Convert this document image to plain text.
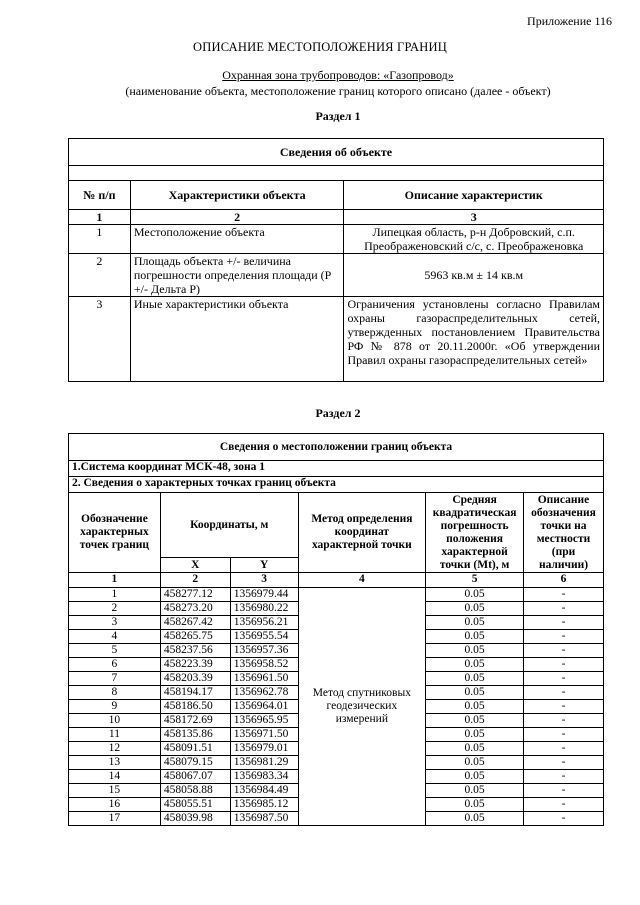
Приложение 116
ОПИСАНИЕ МЕСТОПОЛОЖЕНИЯ ГРАНИЦ
Охранная зона трубопроводов: «Газопровод»
(наименование объекта, местоположение границ которого описано (далее - объект)
Раздел 1
Сведения об объекте		

№ п/п	Характеристики объекта	Описание характеристик
1	2	3
1	Местоположение объекта	Липецкая область, р-н Добровский, с.п. Преображеновский с/с, с. Преображеновка
2	Площадь объекта +/- величина погрешности определения площади (Р +/- Дельта Р)	5963 кв.м ± 14 кв.м
3	Иные характеристики объекта	Ограничения установлены согласно Правилам охраны газораспределительных сетей, утвержденных постановлением Правительства РФ № 878 от 20.11.2000г. «Об утверждении Правил охраны газораспределительных сетей»
Раздел 2
Сведения о местоположении границ объекта					
1.Система координат МСК-48, зона 1					
2. Сведения о характерных точках границ объекта					
Обозначение характерных точек границ	Координаты, м		Метод определения координат характерной точки	Средняя квадратическая погрешность положения характерной точки (Mt), м	Описание обозначения точки на местности (при наличии)
	X	Y			
1	2	3	4	5	6
1	458277.12	1356979.44	Метод спутниковых геодезических измерений	0.05	-
2	458273.20	1356980.22		0.05	-
3	458267.42	1356956.21		0.05	-
4	458265.75	1356955.54		0.05	-
5	458237.56	1356957.36		0.05	-
6	458223.39	1356958.52		0.05	-
7	458203.39	1356961.50		0.05	-
8	458194.17	1356962.78		0.05	-
9	458186.50	1356964.01		0.05	-
10	458172.69	1356965.95		0.05	-
11	458135.86	1356971.50		0.05	-
12	458091.51	1356979.01		0.05	-
13	458079.15	1356981.29		0.05	-
14	458067.07	1356983.34		0.05	-
15	458058.88	1356984.49		0.05	-
16	458055.51	1356985.12		0.05	-
17	458039.98	1356987.50		0.05	-
